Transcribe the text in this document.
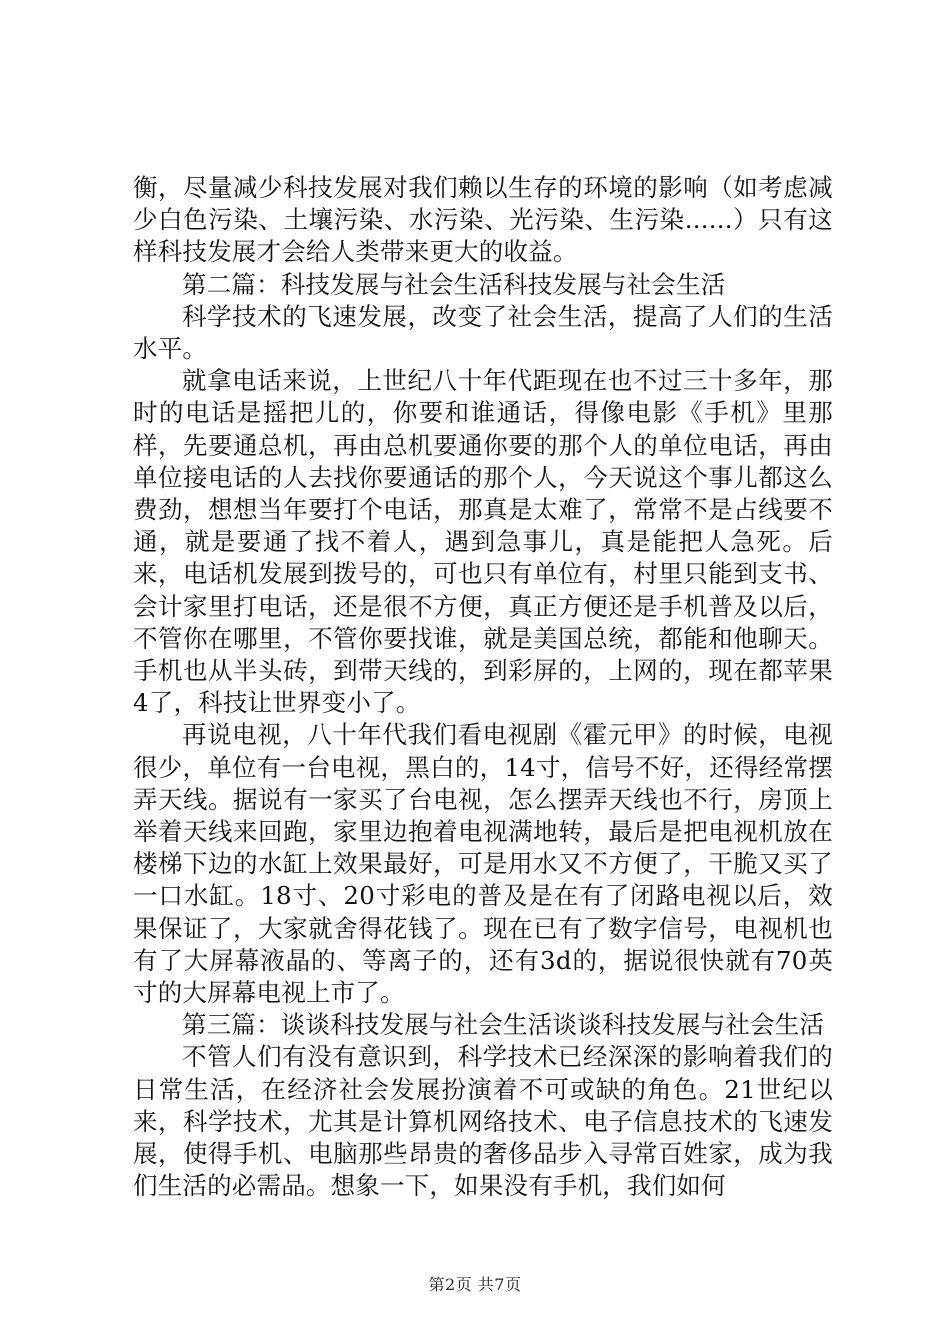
衡，尽量减少科技发展对我们赖以生存的环境的影响（如考虑减少白色污染、土壤污染、水污染、光污染、生污染......）只有这样科技发展才会给人类带来更大的收益。

第二篇：科技发展与社会生活科技发展与社会生活

科学技术的飞速发展，改变了社会生活，提高了人们的生活水平。

就拿电话来说，上世纪八十年代距现在也不过三十多年，那时的电话是摇把儿的，你要和谁通话，得像电影《手机》里那样，先要通总机，再由总机要通你要的那个人的单位电话，再由单位接电话的人去找你要通话的那个人，今天说这个事儿都这么费劲，想想当年要打个电话，那真是太难了，常常不是占线要不通，就是要通了找不着人，遇到急事儿，真是能把人急死。后来，电话机发展到拨号的，可也只有单位有，村里只能到支书、会计家里打电话，还是很不方便，真正方便还是手机普及以后，不管你在哪里，不管你要找谁，就是美国总统，都能和他聊天。手机也从半头砖，到带天线的，到彩屏的，上网的，现在都苹果4了，科技让世界变小了。

再说电视，八十年代我们看电视剧《霍元甲》的时候，电视很少，单位有一台电视，黑白的，14寸，信号不好，还得经常摆弄天线。据说有一家买了台电视，怎么摆弄天线也不行，房顶上举着天线来回跑，家里边抱着电视满地转，最后是把电视机放在楼梯下边的水缸上效果最好，可是用水又不方便了，干脆又买了一口水缸。18寸、20寸彩电的普及是在有了闭路电视以后，效果保证了，大家就舍得花钱了。现在已有了数字信号，电视机也有了大屏幕液晶的、等离子的，还有3d的，据说很快就有70英寸的大屏幕电视上市了。

第三篇：谈谈科技发展与社会生活谈谈科技发展与社会生活

不管人们有没有意识到，科学技术已经深深的影响着我们的日常生活，在经济社会发展扮演着不可或缺的角色。21世纪以来，科学技术，尤其是计算机网络技术、电子信息技术的飞速发展，使得手机、电脑那些昂贵的奢侈品步入寻常百姓家，成为我们生活的必需品。想象一下，如果没有手机，我们如何

第2页 共7页
